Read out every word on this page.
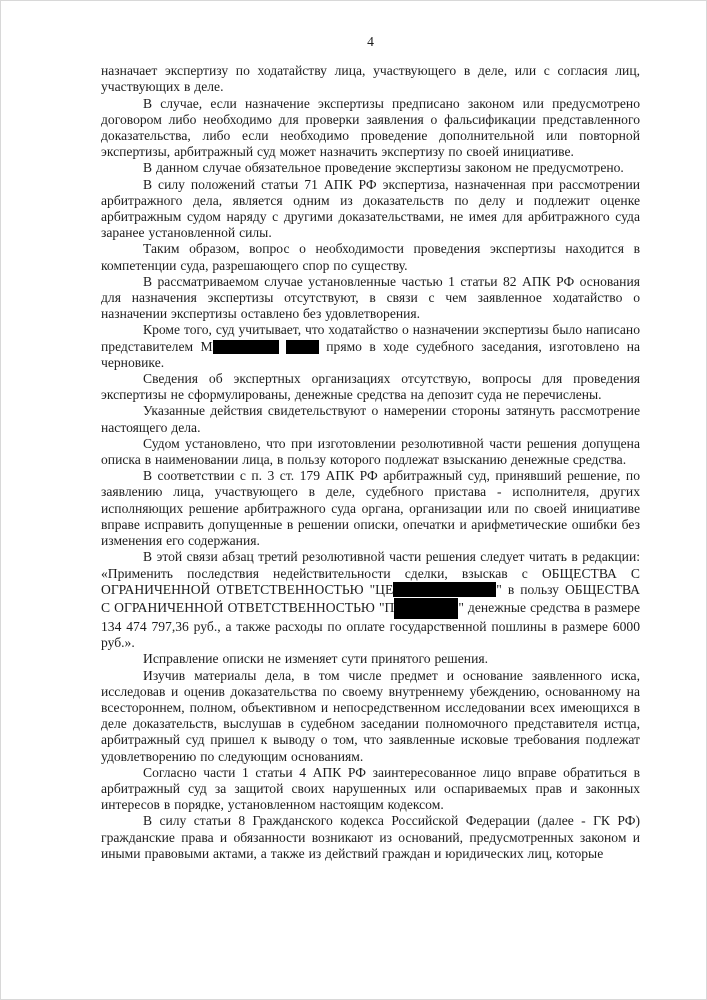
4

назначает экспертизу по ходатайству лица, участвующего в деле, или с согласия лиц, участвующих в деле.

В случае, если назначение экспертизы предписано законом или предусмотрено договором либо необходимо для проверки заявления о фальсификации представленного доказательства, либо если необходимо проведение дополнительной или повторной экспертизы, арбитражный суд может назначить экспертизу по своей инициативе.

В данном случае обязательное проведение экспертизы законом не предусмотрено.

В силу положений статьи 71 АПК РФ экспертиза, назначенная при рассмотрении арбитражного дела, является одним из доказательств по делу и подлежит оценке арбитражным судом наряду с другими доказательствами, не имея для арбитражного суда заранее установленной силы.

Таким образом, вопрос о необходимости проведения экспертизы находится в компетенции суда, разрешающего спор по существу.

В рассматриваемом случае установленные частью 1 статьи 82 АПК РФ основания для назначения экспертизы отсутствуют, в связи с чем заявленное ходатайство о назначении экспертизы оставлено без удовлетворения.

Кроме того, суд учитывает, что ходатайство о назначении экспертизы было написано представителем М	прямо в ходе судебного заседания, изготовлено на черновике.

Сведения об экспертных организациях отсутствую, вопросы для проведения экспертизы не сформулированы, денежные средства на депозит суда не перечислены.

Указанные действия свидетельствуют о намерении стороны затянуть рассмотрение настоящего дела.

Судом установлено, что при изготовлении резолютивной части решения допущена описка в наименовании лица, в пользу которого подлежат взысканию денежные средства.

В соответствии с п. 3 ст. 179 АПК РФ арбитражный суд, принявший решение, по заявлению лица, участвующего в деле, судебного пристава - исполнителя, других исполняющих решение арбитражного суда органа, организации или по своей инициативе вправе исправить допущенные в решении описки, опечатки и арифметические ошибки без изменения его содержания.

В этой связи абзац третий резолютивной части решения следует читать в редакции: «Применить последствия недействительности сделки, взыскав с ОБЩЕСТВА С ОГРАНИЧЕННОЙ ОТВЕТСТВЕННОСТЬЮ "ЦЕ	" в пользу ОБЩЕСТВА С ОГРАНИЧЕННОЙ ОТВЕТСТВЕННОСТЬЮ "П	" денежные средства в размере 134 474 797,36 руб., а также расходы по оплате государственной пошлины в размере 6000 руб.».

Исправление описки не изменяет сути принятого решения.

Изучив материалы дела, в том числе предмет и основание заявленного иска, исследовав и оценив доказательства по своему внутреннему убеждению, основанному на всестороннем, полном, объективном и непосредственном исследовании всех имеющихся в деле доказательств, выслушав в судебном заседании полномочного представителя истца, арбитражный суд пришел к выводу о том, что заявленные исковые требования подлежат удовлетворению по следующим основаниям.

Согласно части 1 статьи 4 АПК РФ заинтересованное лицо вправе обратиться в арбитражный суд за защитой своих нарушенных или оспариваемых прав и законных интересов в порядке, установленном настоящим кодексом.

В силу статьи 8 Гражданского кодекса Российской Федерации (далее - ГК РФ) гражданские права и обязанности возникают из оснований, предусмотренных законом и иными правовыми актами, а также из действий граждан и юридических лиц, которые
